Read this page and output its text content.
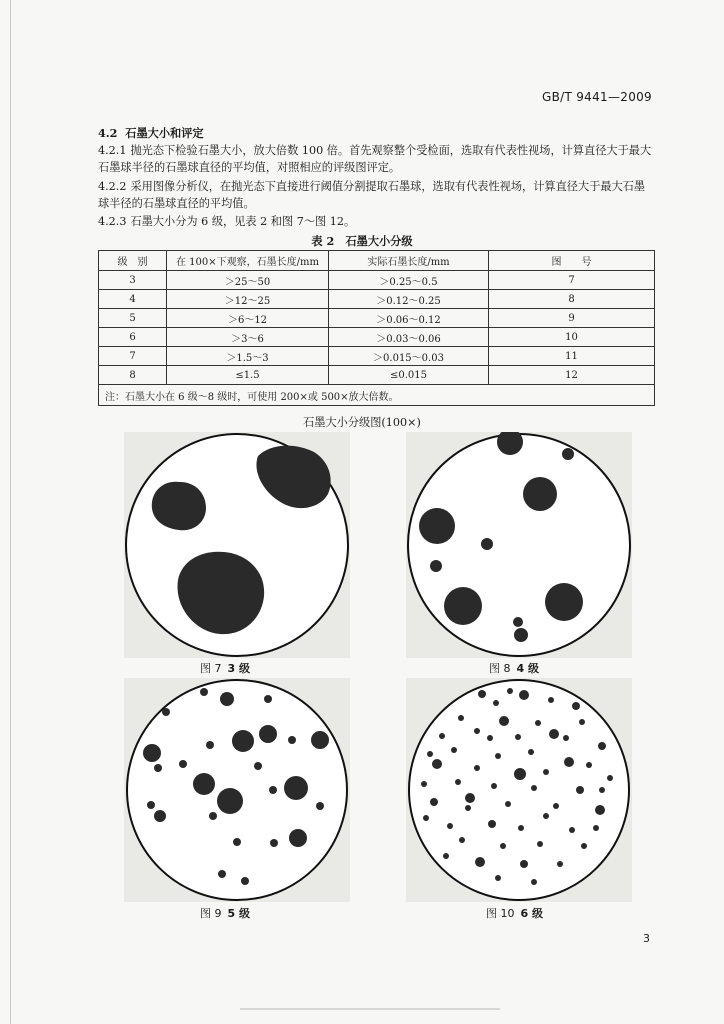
GB/T 9441—2009
4.2 石墨大小和评定
4.2.1 抛光态下检验石墨大小，放大倍数 100 倍。首先观察整个受检面，选取有代表性视场，计算直径大于最大石墨球半径的石墨球直径的平均值，对照相应的评级图评定。
4.2.2 采用图像分析仪，在抛光态下直接进行阈值分割提取石墨球，选取有代表性视场，计算直径大于最大石墨球半径的石墨球直径的平均值。
4.2.3 石墨大小分为 6 级，见表 2 和图 7～图 12。
表 2　石墨大小分级
级　别	在 100×下观察，石墨长度/mm	实际石墨长度/mm	图　　号
3	＞25～50	＞0.25～0.5	7
4	＞12～25	＞0.12～0.25	8
5	＞6～12	＞0.06～0.12	9
6	＞3～6	＞0.03～0.06	10
7	＞1.5～3	＞0.015～0.03	11
8	≤1.5	≤0.015	12
注：石墨大小在 6 级～8 级时，可使用 200×或 500×放大倍数。			
石墨大小分级图(100×)
图 7 3 级	图 8 4 级
图 9 5 级	图 10 6 级
3
